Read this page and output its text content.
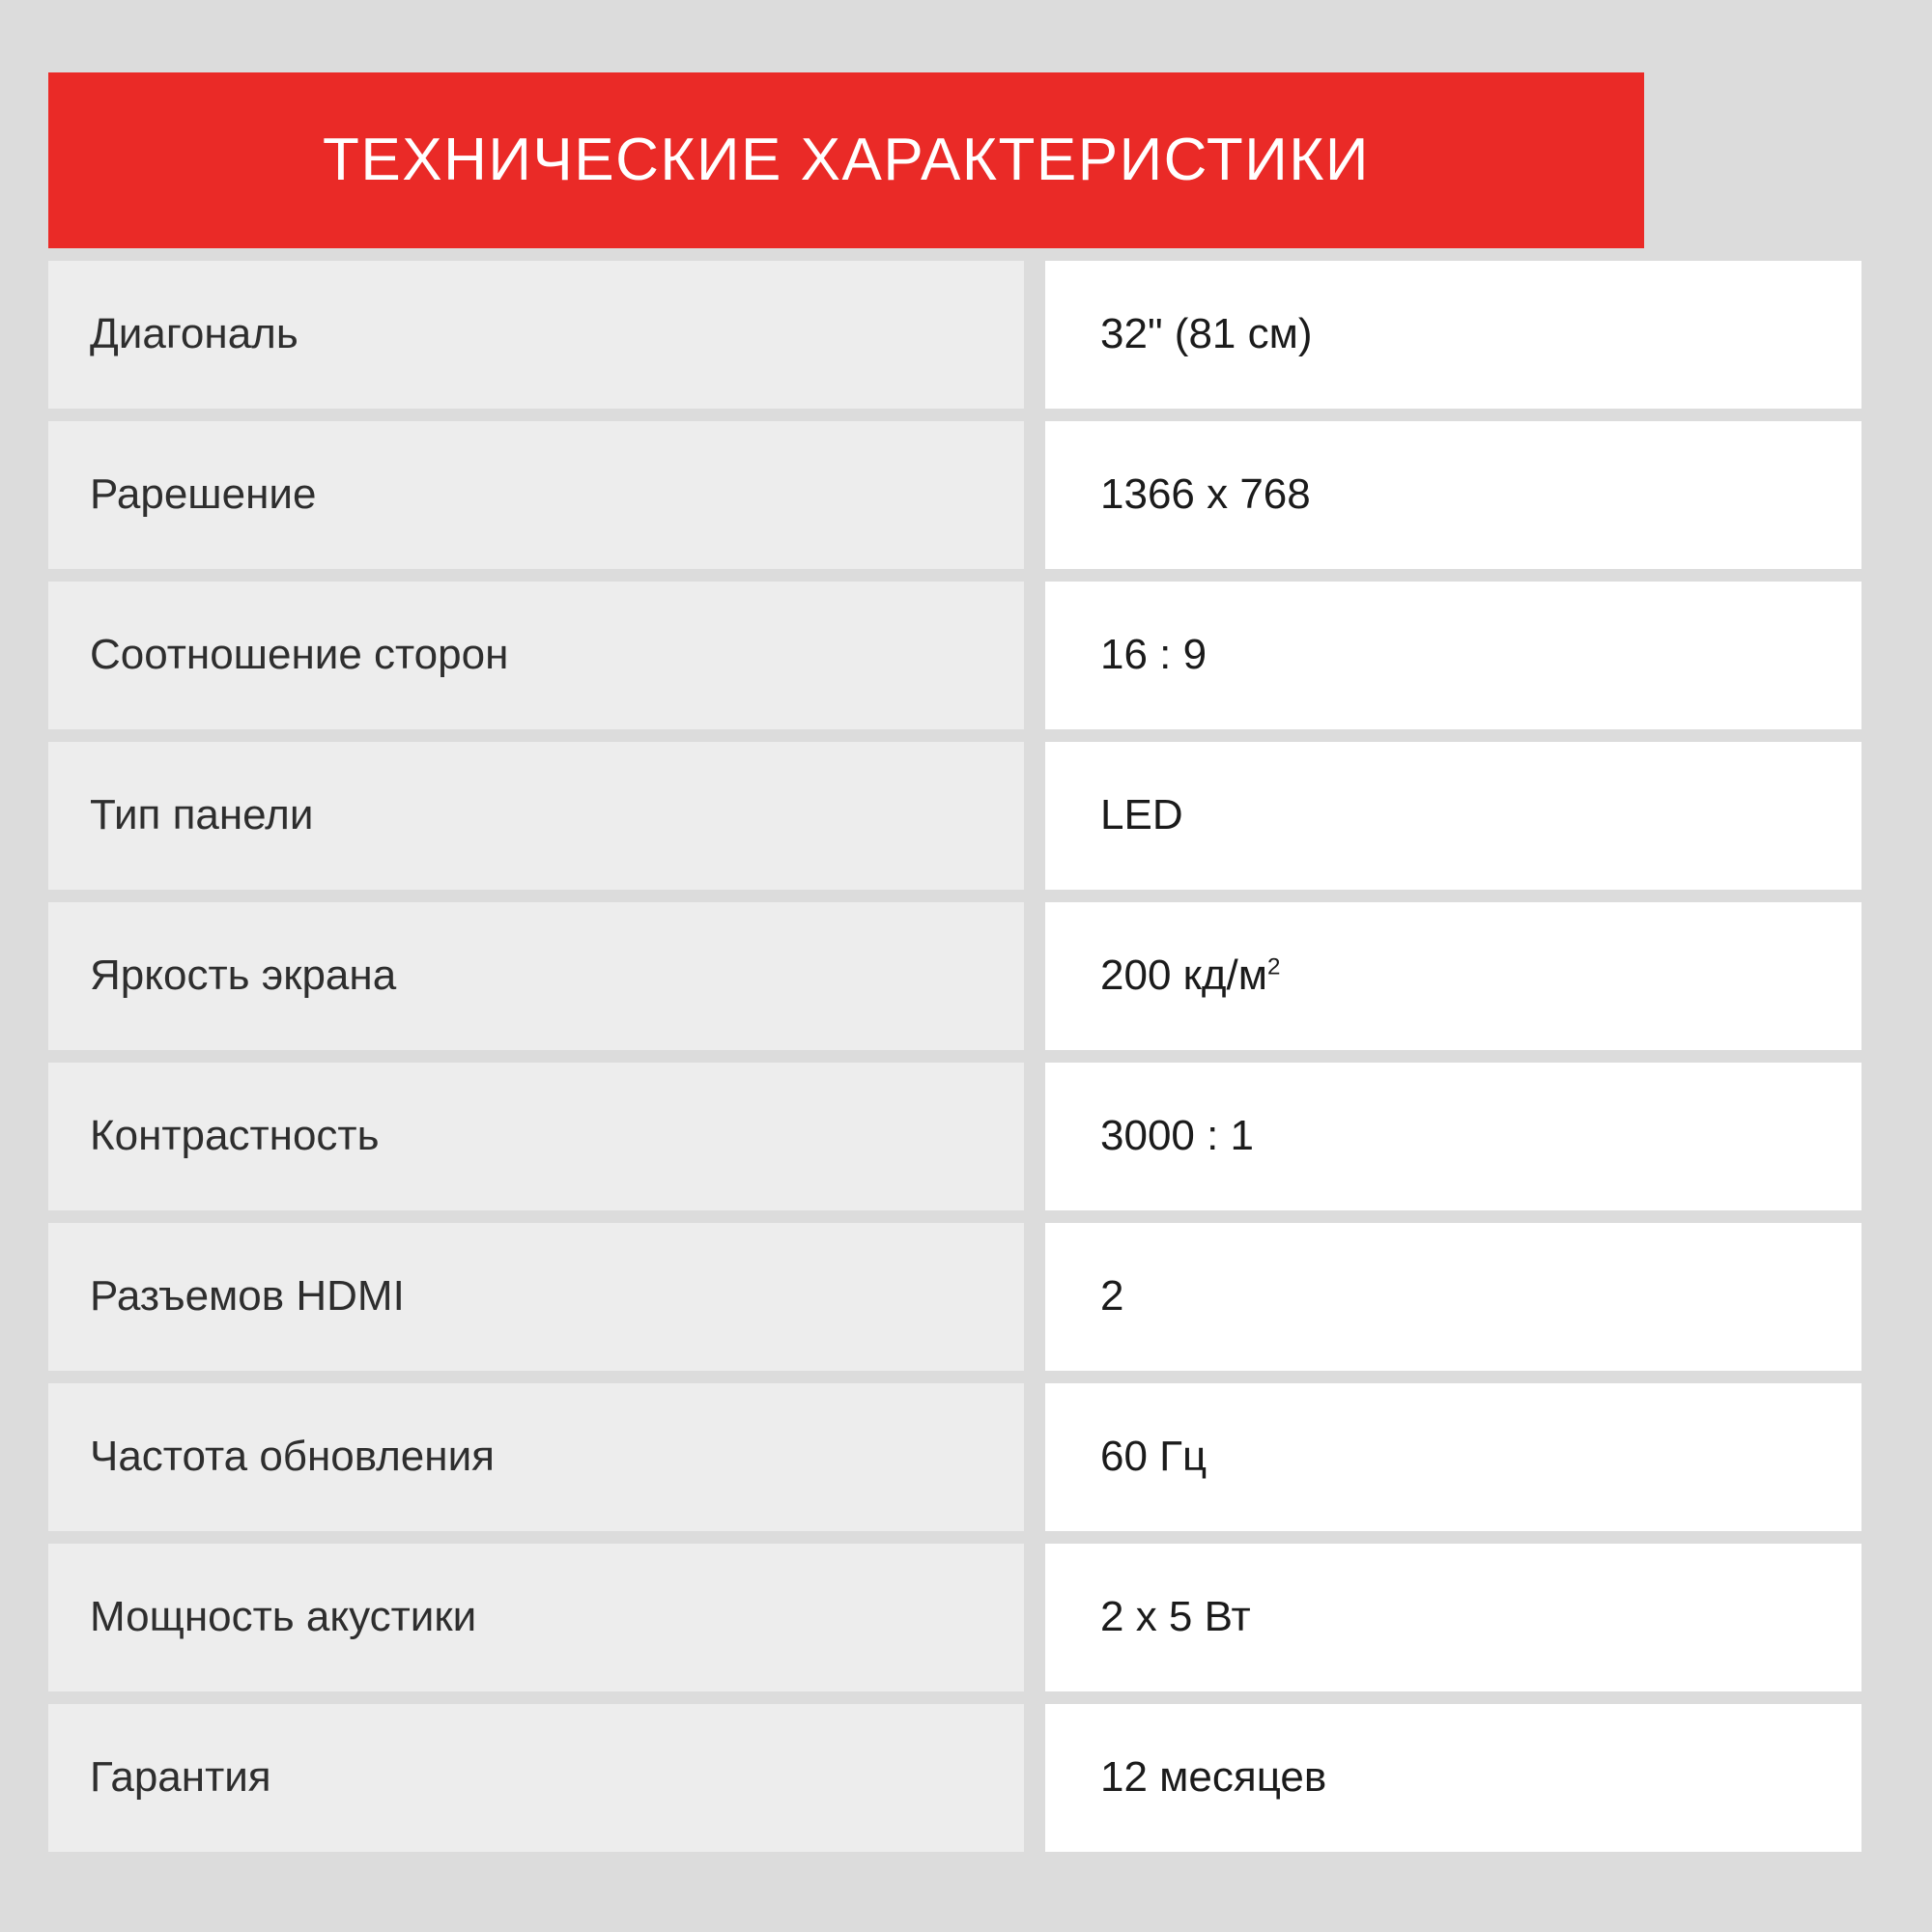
ТЕХНИЧЕСКИЕ ХАРАКТЕРИСТИКИ
Диагональ	32" (81 см)
Рарешение	1366 x 768
Соотношение сторон	16 : 9
Тип панели	LED
Яркость экрана	200 $кд/м^2$
Контрастность	3000 : 1
Разъемов HDMI	2
Частота обновления	60 Гц
Мощность акустики	2 x 5 Вт
Гарантия	12 месяцев
